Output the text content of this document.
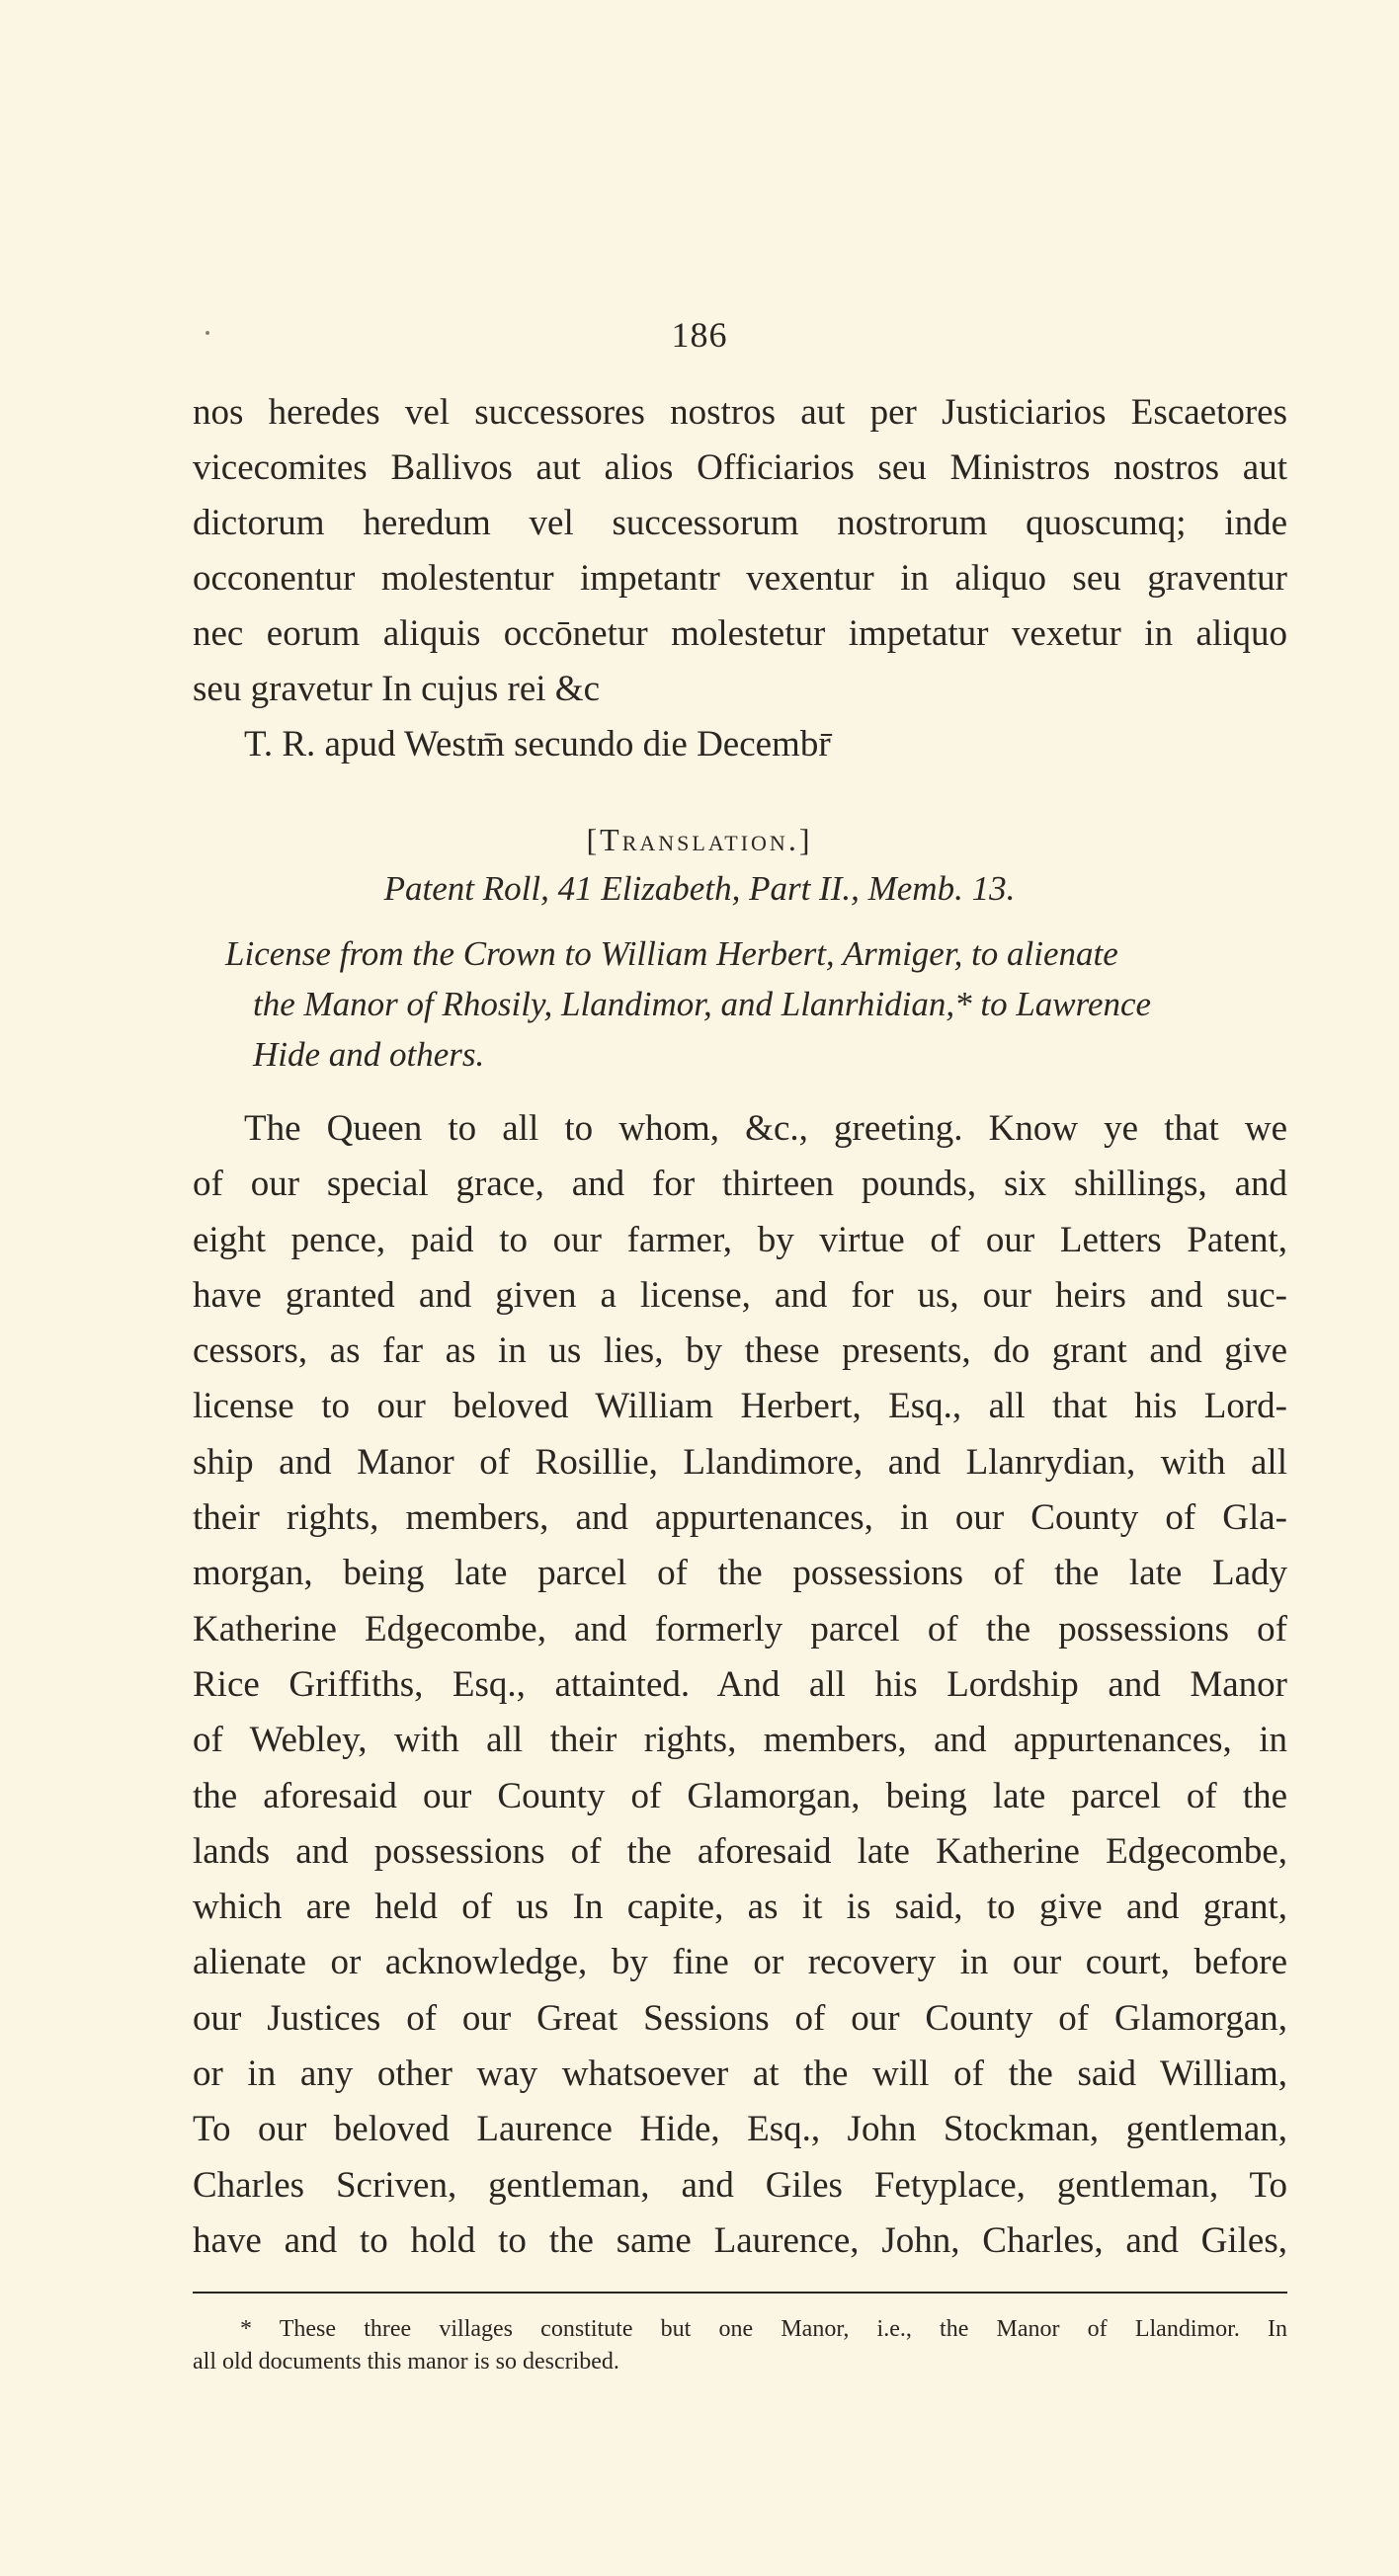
186
nos heredes vel successores nostros aut per Justiciarios Escaetores
vicecomites Ballivos aut alios Officiarios seu Ministros nostros aut
dictorum heredum vel successorum nostrorum quoscumq; inde
occonentur molestentur impetantr vexentur in aliquo seu graventur
nec eorum aliquis occōnetur molestetur impetatur vexetur in aliquo
seu gravetur In cujus rei &c
T. R. apud Westm̄ secundo die Decembr̄
[Translation.]
Patent Roll, 41 Elizabeth, Part II., Memb. 13.
License from the Crown to William Herbert, Armiger, to alienate
the Manor of Rhosily, Llandimor, and Llanrhidian,* to Lawrence
Hide and others.
The Queen to all to whom, &c., greeting. Know ye that we
of our special grace, and for thirteen pounds, six shillings, and
eight pence, paid to our farmer, by virtue of our Letters Patent,
have granted and given a license, and for us, our heirs and suc-
cessors, as far as in us lies, by these presents, do grant and give
license to our beloved William Herbert, Esq., all that his Lord-
ship and Manor of Rosillie, Llandimore, and Llanrydian, with all
their rights, members, and appurtenances, in our County of Gla-
morgan, being late parcel of the possessions of the late Lady
Katherine Edgecombe, and formerly parcel of the possessions of
Rice Griffiths, Esq., attainted. And all his Lordship and Manor
of Webley, with all their rights, members, and appurtenances, in
the aforesaid our County of Glamorgan, being late parcel of the
lands and possessions of the aforesaid late Katherine Edgecombe,
which are held of us In capite, as it is said, to give and grant,
alienate or acknowledge, by fine or recovery in our court, before
our Justices of our Great Sessions of our County of Glamorgan,
or in any other way whatsoever at the will of the said William,
To our beloved Laurence Hide, Esq., John Stockman, gentleman,
Charles Scriven, gentleman, and Giles Fetyplace, gentleman, To
have and to hold to the same Laurence, John, Charles, and Giles,
* These three villages constitute but one Manor, i.e., the Manor of Llandimor. In
all old documents this manor is so described.
